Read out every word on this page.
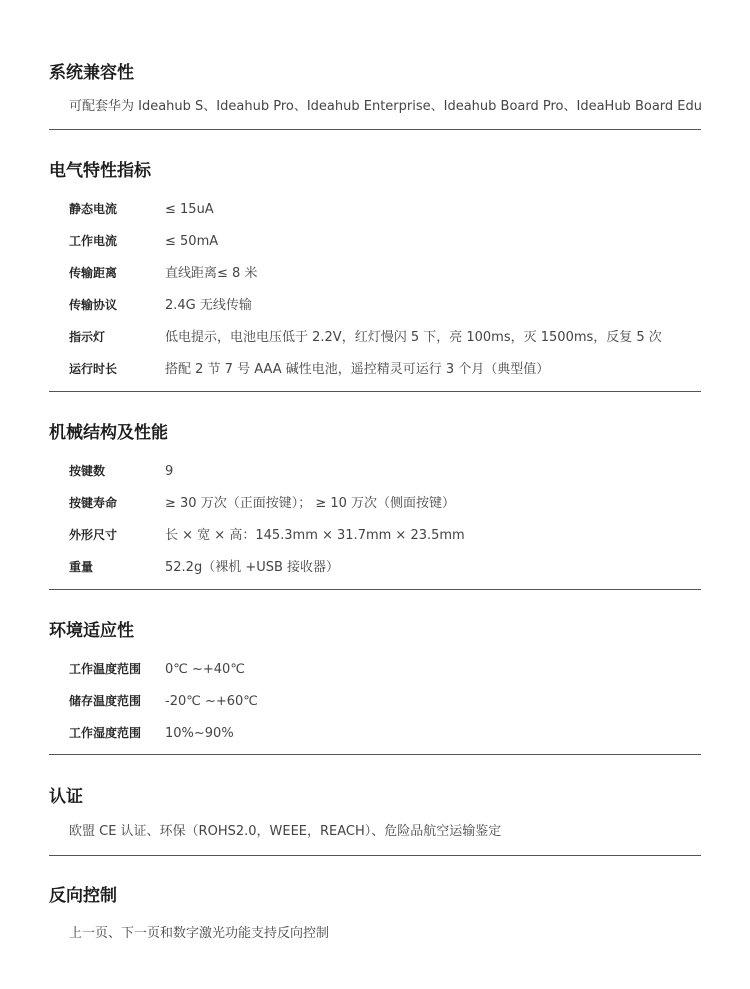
系统兼容性
可配套华为 Ideahub S、Ideahub Pro、Ideahub Enterprise、Ideahub Board Pro、IdeaHub Board Edu
电气特性指标
静态电流	≤ 15uA
工作电流	≤ 50mA
传输距离	直线距离≤ 8 米
传输协议	2.4G 无线传输
指示灯	低电提示，电池电压低于 2.2V，红灯慢闪 5 下，亮 100ms，灭 1500ms，反复 5 次
运行时长	搭配 2 节 7 号 AAA 碱性电池，遥控精灵可运行 3 个月（典型值）
机械结构及性能
按键数	9
按键寿命	≥ 30 万次（正面按键）； ≥ 10 万次（侧面按键）
外形尺寸	长 × 宽 × 高：145.3mm × 31.7mm × 23.5mm
重量	52.2g（裸机 +USB 接收器）
环境适应性
工作温度范围 0℃ ~+40℃
储存温度范围 -20℃ ~+60℃
工作湿度范围 10%~90%
认证
欧盟 CE 认证、环保（ROHS2.0，WEEE，REACH）、危险品航空运输鉴定
反向控制
上一页、下一页和数字激光功能支持反向控制
